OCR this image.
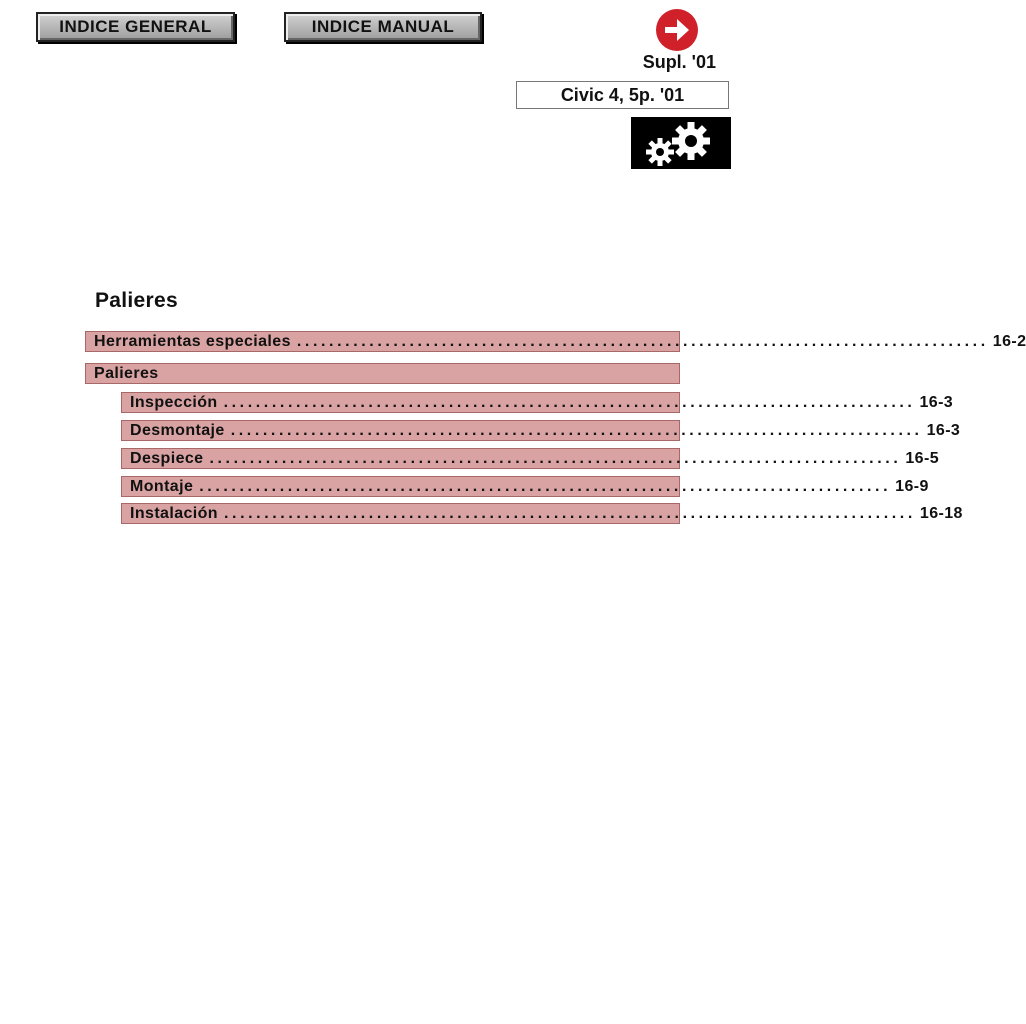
INDICE GENERAL	INDICE MANUAL
Supl. '01
Civic 4, 5p. '01
Palieres
Herramientas especiales ...................................................................................... 16-2
Palieres
Inspección ...................................................................................... 16-3
Desmontaje ...................................................................................... 16-3
Despiece ...................................................................................... 16-5
Montaje ...................................................................................... 16-9
Instalación ...................................................................................... 16-18
